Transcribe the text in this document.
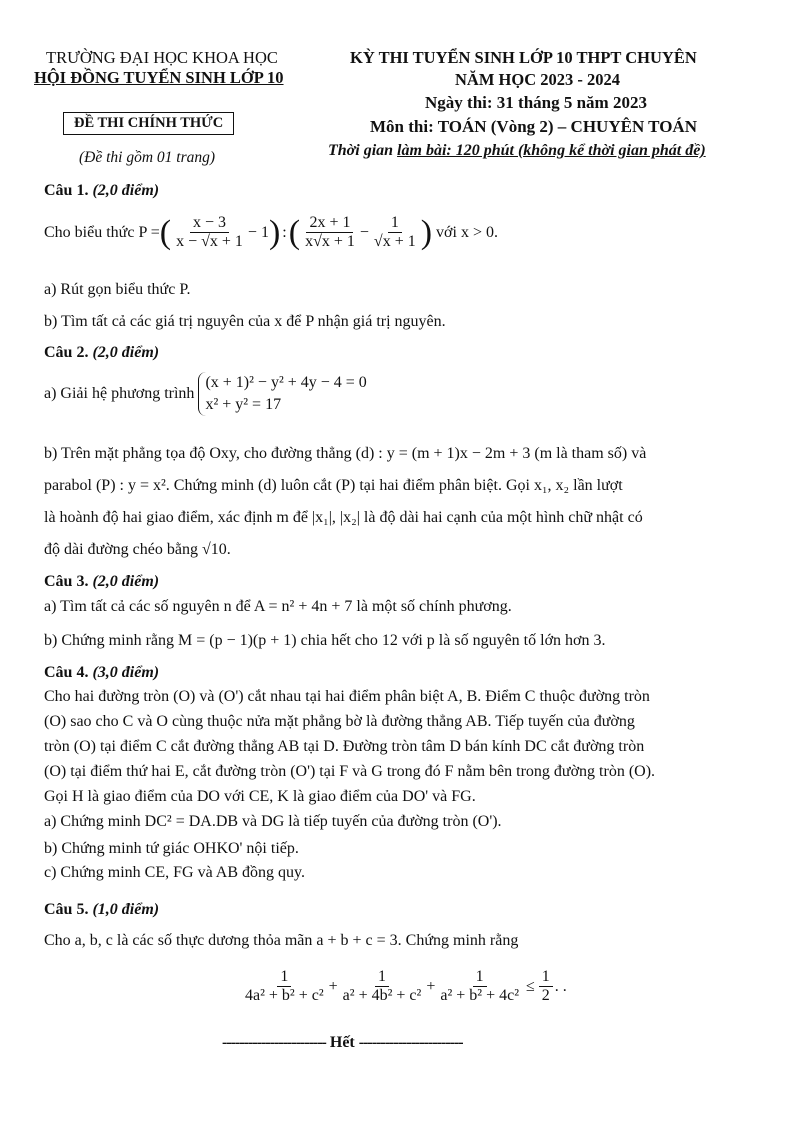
TRƯỜNG ĐẠI HỌC KHOA HỌC
HỘI ĐỒNG TUYỂN SINH LỚP 10
ĐỀ THI CHÍNH THỨC
(Đề thi gồm 01 trang)
KỲ THI TUYỂN SINH LỚP 10 THPT CHUYÊN
NĂM HỌC 2023 - 2024
Ngày thi: 31 tháng 5 năm 2023
Môn thi: TOÁN (Vòng 2) – CHUYÊN TOÁN
Thời gian làm bài: 120 phút (không kể thời gian phát đề)
Câu 1. (2,0 điểm)
Cho biểu thức
P = ( $\frac{x - 3}{x - √x + 1} - 1$ ) : ( $\frac{2x + 1}{x√x + 1} - \frac{1}{√x + 1}$ )
với x > 0.
a) Rút gọn biểu thức P.
b) Tìm tất cả các giá trị nguyên của x để P nhận giá trị nguyên.
Câu 2. (2,0 điểm)
a) Giải hệ phương trình

(x + 1)² − y² + 4y − 4 = 0
x² + y² = 17
b) Trên mặt phẳng tọa độ Oxy, cho đường thẳng (d) : y = (m + 1)x − 2m + 3 (m là tham số) và
parabol (P) : y = x². Chứng minh (d) luôn cắt (P) tại hai điểm phân biệt. Gọi x₁, x₂ lần lượt
là hoành độ hai giao điểm, xác định m để |x₁|, |x₂| là độ dài hai cạnh của một hình chữ nhật có
độ dài đường chéo bằng √10.
Câu 3. (2,0 điểm)
a) Tìm tất cả các số nguyên n để A = n² + 4n + 7 là một số chính phương.
b) Chứng minh rằng M = (p − 1)(p + 1) chia hết cho 12 với p là số nguyên tố lớn hơn 3.
Câu 4. (3,0 điểm)
Cho hai đường tròn (O) và (O') cắt nhau tại hai điểm phân biệt A, B. Điểm C thuộc đường tròn
(O) sao cho C và O cùng thuộc nửa mặt phẳng bờ là đường thẳng AB. Tiếp tuyến của đường
tròn (O) tại điểm C cắt đường thẳng AB tại D. Đường tròn tâm D bán kính DC cắt đường tròn
(O) tại điểm thứ hai E, cắt đường tròn (O') tại F và G trong đó F nằm bên trong đường tròn (O).
Gọi H là giao điểm của DO với CE, K là giao điểm của DO' và FG.
a) Chứng minh DC² = DA.DB và DG là tiếp tuyến của đường tròn (O').
b) Chứng minh tứ giác OHKO' nội tiếp.
c) Chứng minh CE, FG và AB đồng quy.
Câu 5. (1,0 điểm)
Cho a, b, c là các số thực dương thỏa mãn a + b + c = 3. Chứng minh rằng
$\frac{1}{\text{4a² + b² + c²}} + \frac{1}{\text{a² + 4b² + c²}} + \frac{1}{\text{a² + b² + 4c²}} \le \frac{1}{2}$ . .
------------------------ Hết ------------------------
